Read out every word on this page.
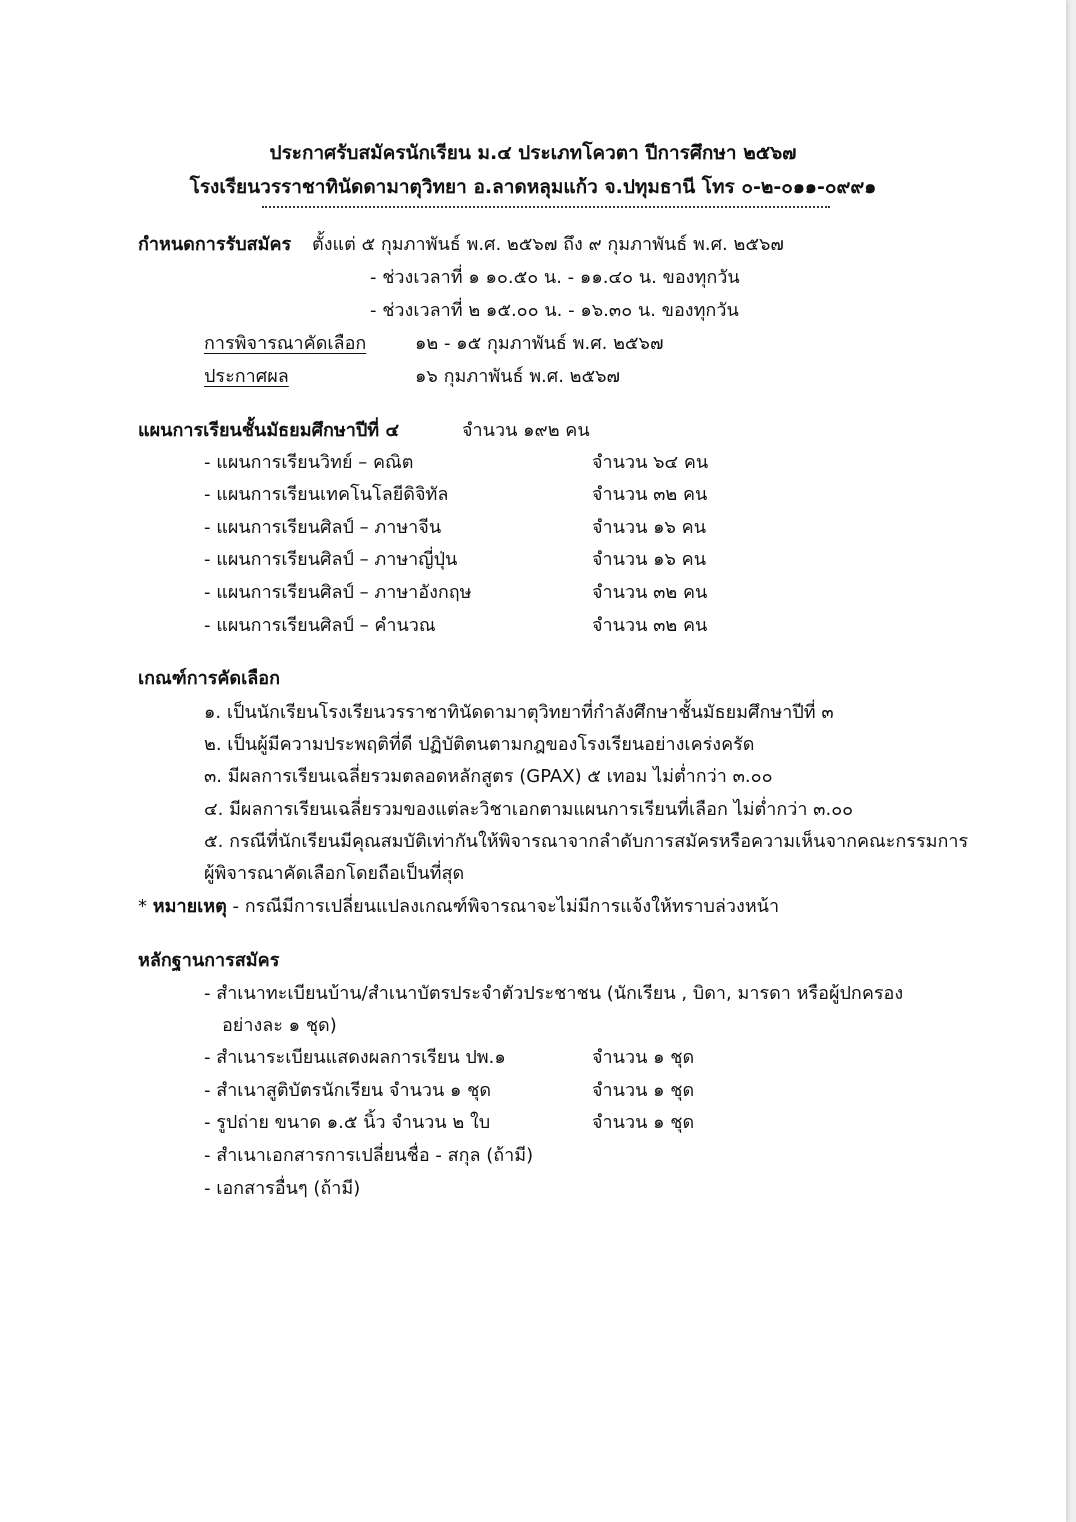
ประกาศรับสมัครนักเรียน ม.๔ ประเภทโควตา ปีการศึกษา ๒๕๖๗
โรงเรียนวรราชาทินัดดามาตุวิทยา อ.ลาดหลุมแก้ว จ.ปทุมธานี โทร ๐-๒-๐๑๑-๐๙๙๑
กำหนดการรับสมัคร ตั้งแต่ ๕ กุมภาพันธ์ พ.ศ. ๒๕๖๗ ถึง ๙ กุมภาพันธ์ พ.ศ. ๒๕๖๗
- ช่วงเวลาที่ ๑ ๑๐.๕๐ น. - ๑๑.๔๐ น. ของทุกวัน
- ช่วงเวลาที่ ๒ ๑๕.๐๐ น. - ๑๖.๓๐ น. ของทุกวัน
การพิจารณาคัดเลือก	๑๒ - ๑๕ กุมภาพันธ์ พ.ศ. ๒๕๖๗
ประกาศผล	๑๖ กุมภาพันธ์ พ.ศ. ๒๕๖๗
แผนการเรียนชั้นมัธยมศึกษาปีที่ ๔	จำนวน ๑๙๒ คน
- แผนการเรียนวิทย์ – คณิต	จำนวน ๖๔ คน
- แผนการเรียนเทคโนโลยีดิจิทัล	จำนวน ๓๒ คน
- แผนการเรียนศิลป์ – ภาษาจีน	จำนวน ๑๖ คน
- แผนการเรียนศิลป์ – ภาษาญี่ปุ่น	จำนวน ๑๖ คน
- แผนการเรียนศิลป์ – ภาษาอังกฤษ	จำนวน ๓๒ คน
- แผนการเรียนศิลป์ – คำนวณ	จำนวน ๓๒ คน
เกณฑ์การคัดเลือก
๑. เป็นนักเรียนโรงเรียนวรราชาทินัดดามาตุวิทยาที่กำลังศึกษาชั้นมัธยมศึกษาปีที่ ๓
๒. เป็นผู้มีความประพฤติที่ดี ปฏิบัติตนตามกฎของโรงเรียนอย่างเคร่งครัด
๓. มีผลการเรียนเฉลี่ยรวมตลอดหลักสูตร (GPAX) ๕ เทอม ไม่ต่ำกว่า ๓.๐๐
๔. มีผลการเรียนเฉลี่ยรวมของแต่ละวิชาเอกตามแผนการเรียนที่เลือก ไม่ต่ำกว่า ๓.๐๐
๕. กรณีที่นักเรียนมีคุณสมบัติเท่ากันให้พิจารณาจากลำดับการสมัครหรือความเห็นจากคณะกรรมการ
ผู้พิจารณาคัดเลือกโดยถือเป็นที่สุด
* หมายเหตุ - กรณีมีการเปลี่ยนแปลงเกณฑ์พิจารณาจะไม่มีการแจ้งให้ทราบล่วงหน้า
หลักฐานการสมัคร
- สำเนาทะเบียนบ้าน/สำเนาบัตรประจำตัวประชาชน (นักเรียน , บิดา, มารดา หรือผู้ปกครอง
อย่างละ ๑ ชุด)
- สำเนาระเบียนแสดงผลการเรียน ปพ.๑	จำนวน ๑ ชุด
- สำเนาสูติบัตรนักเรียน จำนวน ๑ ชุด	จำนวน ๑ ชุด
- รูปถ่าย ขนาด ๑.๕ นิ้ว จำนวน ๒ ใบ	จำนวน ๑ ชุด
- สำเนาเอกสารการเปลี่ยนชื่อ - สกุล (ถ้ามี)
- เอกสารอื่นๆ (ถ้ามี)
